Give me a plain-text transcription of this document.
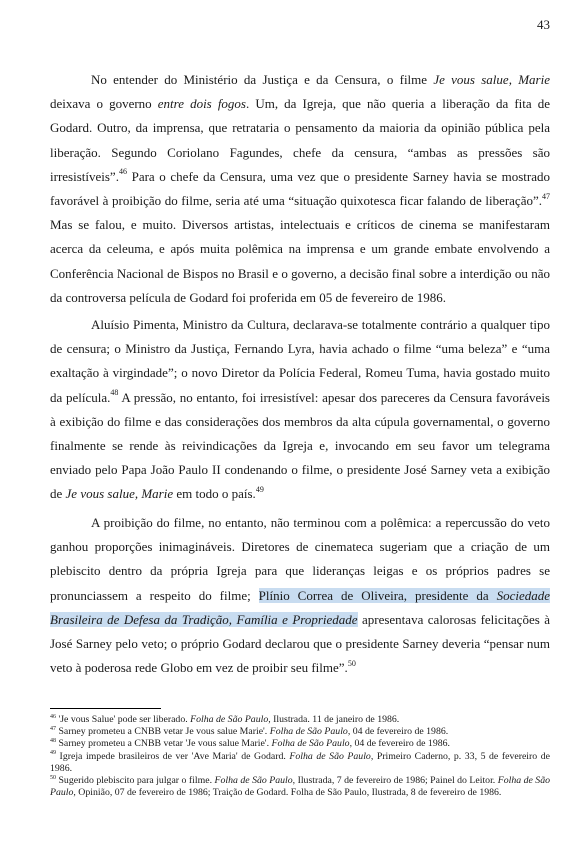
43

No entender do Ministério da Justiça e da Censura, o filme Je vous salue, Marie deixava o governo entre dois fogos. Um, da Igreja, que não queria a liberação da fita de Godard. Outro, da imprensa, que retrataria o pensamento da maioria da opinião pública pela liberação. Segundo Coriolano Fagundes, chefe da censura, “ambas as pressões são irresistíveis”.$^{46}$ Para o chefe da Censura, uma vez que o presidente Sarney havia se mostrado favorável à proibição do filme, seria até uma “situação quixotesca ficar falando de liberação”.$^{47}$ Mas se falou, e muito. Diversos artistas, intelectuais e críticos de cinema se manifestaram acerca da celeuma, e após muita polêmica na imprensa e um grande embate envolvendo a Conferência Nacional de Bispos no Brasil e o governo, a decisão final sobre a interdição ou não da controversa película de Godard foi proferida em 05 de fevereiro de 1986.

Aluísio Pimenta, Ministro da Cultura, declarava-se totalmente contrário a qualquer tipo de censura; o Ministro da Justiça, Fernando Lyra, havia achado o filme “uma beleza” e “uma exaltação à virgindade”; o novo Diretor da Polícia Federal, Romeu Tuma, havia gostado muito da película.$^{48}$ A pressão, no entanto, foi irresistível: apesar dos pareceres da Censura favoráveis à exibição do filme e das considerações dos membros da alta cúpula governamental, o governo finalmente se rende às reivindicações da Igreja e, invocando em seu favor um telegrama enviado pelo Papa João Paulo II condenando o filme, o presidente José Sarney veta a exibição de Je vous salue, Marie em todo o país.$^{49}$

A proibição do filme, no entanto, não terminou com a polêmica: a repercussão do veto ganhou proporções inimagináveis. Diretores de cinemateca sugeriam que a criação de um plebiscito dentro da própria Igreja para que lideranças leigas e os próprios padres se pronunciassem a respeito do filme; Plínio Correa de Oliveira, presidente da Sociedade Brasileira de Defesa da Tradição, Família e Propriedade apresentava calorosas felicitações à José Sarney pelo veto; o próprio Godard declarou que o presidente Sarney deveria “pensar num veto à poderosa rede Globo em vez de proibir seu filme”.$^{50}$

$^{46}$ 'Je vous Salue' pode ser liberado. Folha de São Paulo, Ilustrada. 11 de janeiro de 1986.

$^{47}$ Sarney prometeu a CNBB vetar Je vous salue Marie'. Folha de São Paulo, 04 de fevereiro de 1986.

$^{48}$ Sarney prometeu a CNBB vetar 'Je vous salue Marie'. Folha de São Paulo, 04 de fevereiro de 1986.

$^{49}$ Igreja impede brasileiros de ver 'Ave Maria' de Godard. Folha de São Paulo, Primeiro Caderno, p. 33, 5 de fevereiro de 1986.

$^{50}$ Sugerido plebiscito para julgar o filme. Folha de São Paulo, Ilustrada, 7 de fevereiro de 1986; Painel do Leitor. Folha de São Paulo, Opinião, 07 de fevereiro de 1986; Traição de Godard. Folha de São Paulo, Ilustrada, 8 de fevereiro de 1986.
